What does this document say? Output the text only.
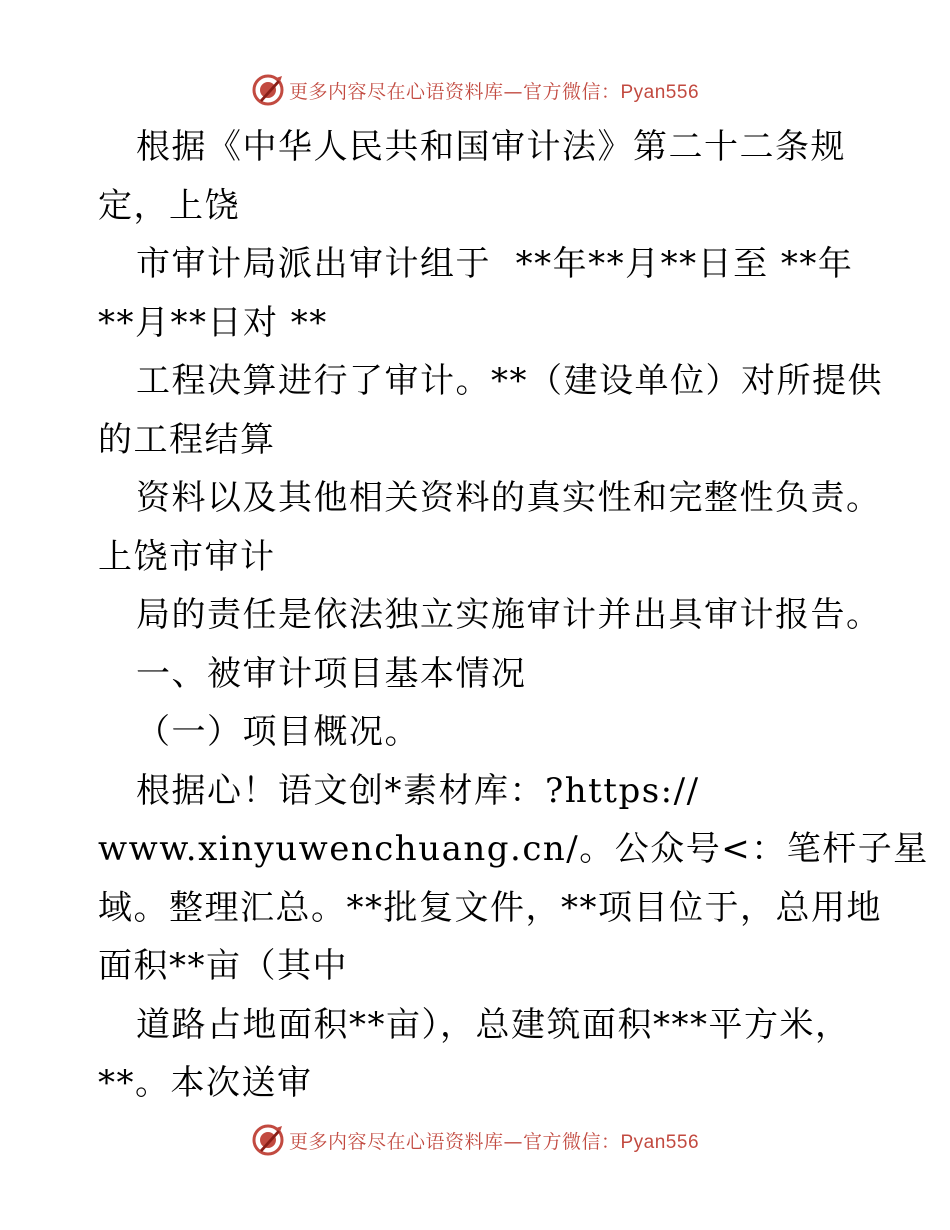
更多内容尽在心语资料库—官方微信：Pyan556
根据《中华人民共和国审计法》第二十二条规
定，上饶
市审计局派出审计组于  **年**月**日至 **年
**月**日对 **
工程决算进行了审计。**（建设单位）对所提供
的工程结算
资料以及其他相关资料的真实性和完整性负责。
上饶市审计
局的责任是依法独立实施审计并出具审计报告。
一、被审计项目基本情况
（一）项目概况。
根据心！语文创*素材库：?https://
www.xinyuwenchuang.cn/。公众号<：笔杆子星
域。整理汇总。**批复文件，**项目位于，总用地
面积**亩（其中
道路占地面积**亩），总建筑面积***平方米，
**。本次送审
更多内容尽在心语资料库—官方微信：Pyan556
